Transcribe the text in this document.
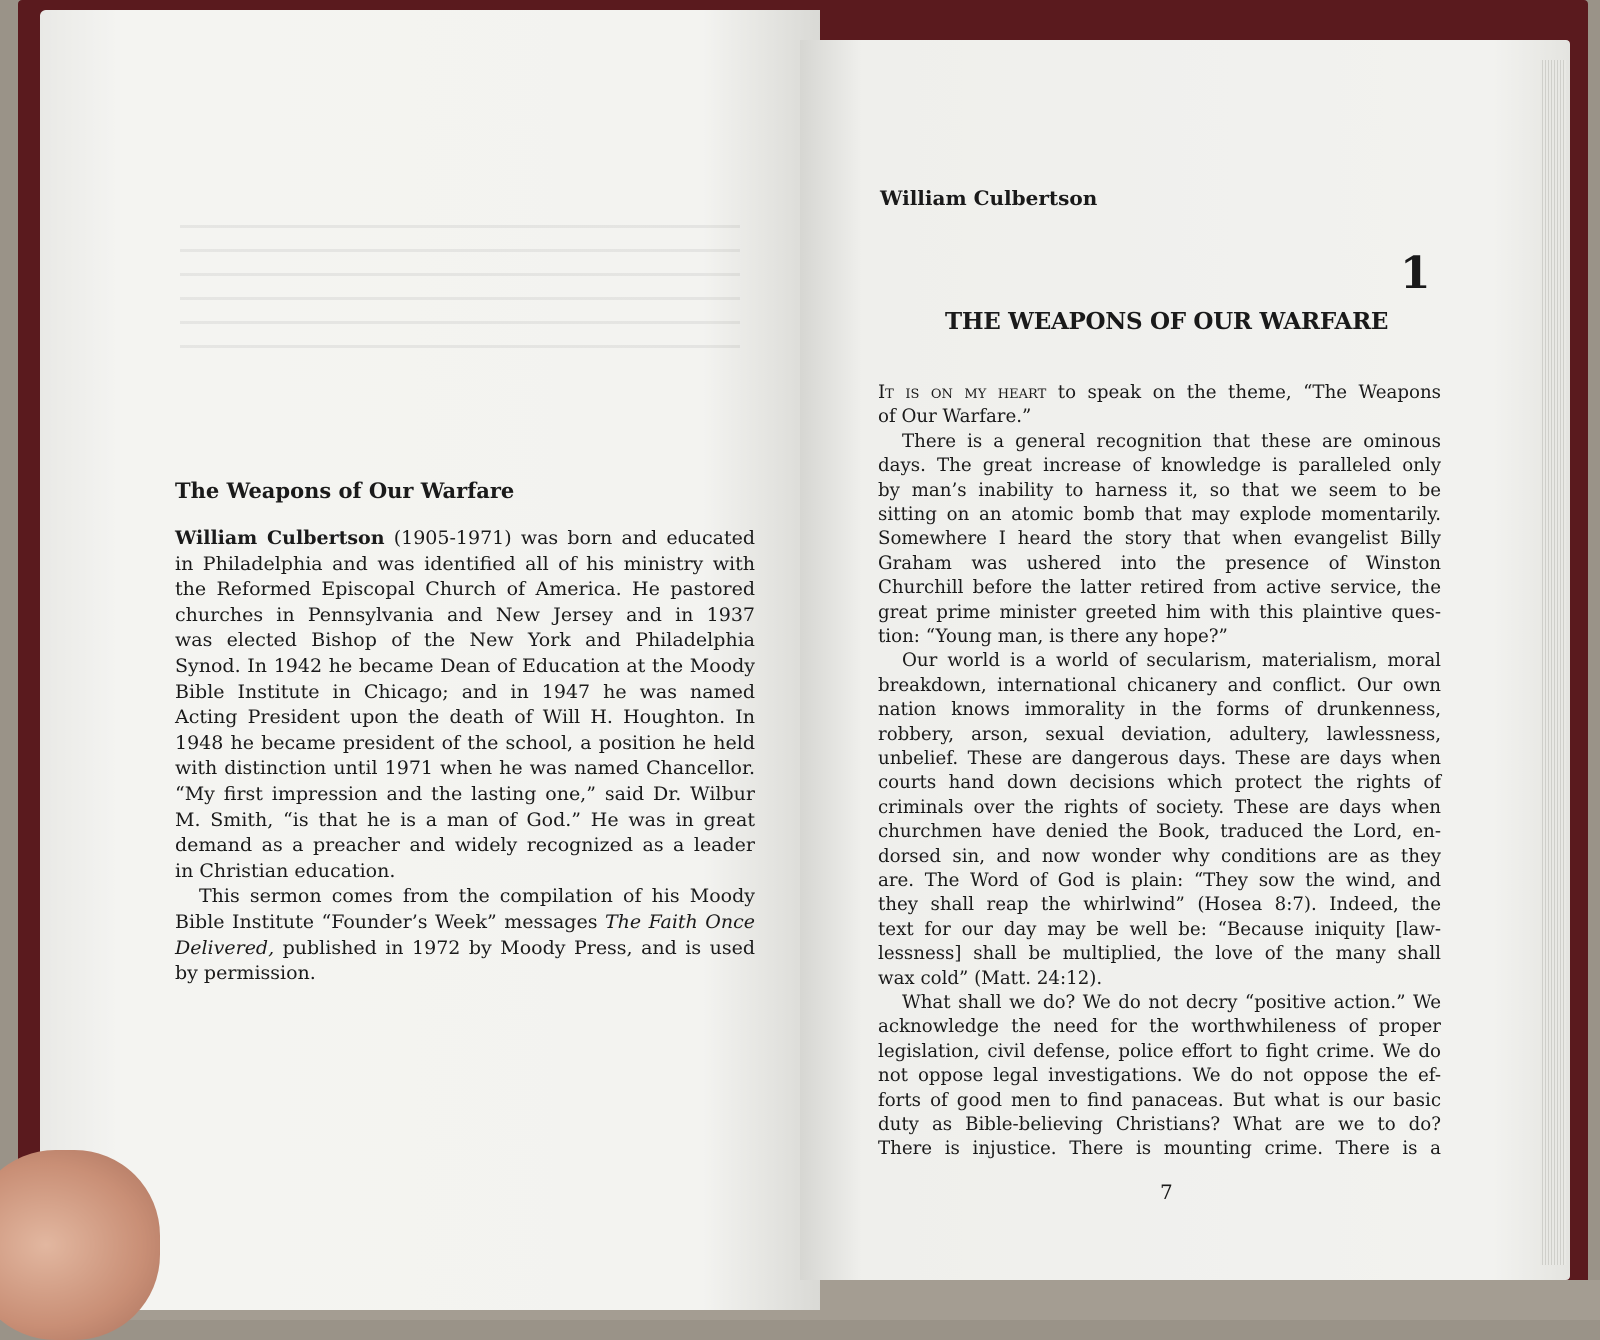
The Weapons of Our Warfare
William Culbertson (1905-1971) was born and educated
in Philadelphia and was identified all of his ministry with
the Reformed Episcopal Church of America. He pastored
churches in Pennsylvania and New Jersey and in 1937
was elected Bishop of the New York and Philadelphia
Synod. In 1942 he became Dean of Education at the Moody
Bible Institute in Chicago; and in 1947 he was named
Acting President upon the death of Will H. Houghton. In
1948 he became president of the school, a position he held
with distinction until 1971 when he was named Chancellor.
“My first impression and the lasting one,” said Dr. Wilbur
M. Smith, “is that he is a man of God.” He was in great
demand as a preacher and widely recognized as a leader
in Christian education.
This sermon comes from the compilation of his Moody
Bible Institute “Founder’s Week” messages The Faith Once
Delivered, published in 1972 by Moody Press, and is used
by permission.
William Culbertson
1
THE WEAPONS OF OUR WARFARE
It is on my heart to speak on the theme, “The Weapons
of Our Warfare.”
There is a general recognition that these are ominous
days. The great increase of knowledge is paralleled only
by man’s inability to harness it, so that we seem to be
sitting on an atomic bomb that may explode momentarily.
Somewhere I heard the story that when evangelist Billy
Graham was ushered into the presence of Winston
Churchill before the latter retired from active service, the
great prime minister greeted him with this plaintive ques-
tion: “Young man, is there any hope?”
Our world is a world of secularism, materialism, moral
breakdown, international chicanery and conflict. Our own
nation knows immorality in the forms of drunkenness,
robbery, arson, sexual deviation, adultery, lawlessness,
unbelief. These are dangerous days. These are days when
courts hand down decisions which protect the rights of
criminals over the rights of society. These are days when
churchmen have denied the Book, traduced the Lord, en-
dorsed sin, and now wonder why conditions are as they
are. The Word of God is plain: “They sow the wind, and
they shall reap the whirlwind” (Hosea 8:7). Indeed, the
text for our day may be well be: “Because iniquity [law-
lessness] shall be multiplied, the love of the many shall
wax cold” (Matt. 24:12).
What shall we do? We do not decry “positive action.” We
acknowledge the need for the worthwhileness of proper
legislation, civil defense, police effort to fight crime. We do
not oppose legal investigations. We do not oppose the ef-
forts of good men to find panaceas. But what is our basic
duty as Bible-believing Christians? What are we to do?
There is injustice. There is mounting crime. There is a
7
